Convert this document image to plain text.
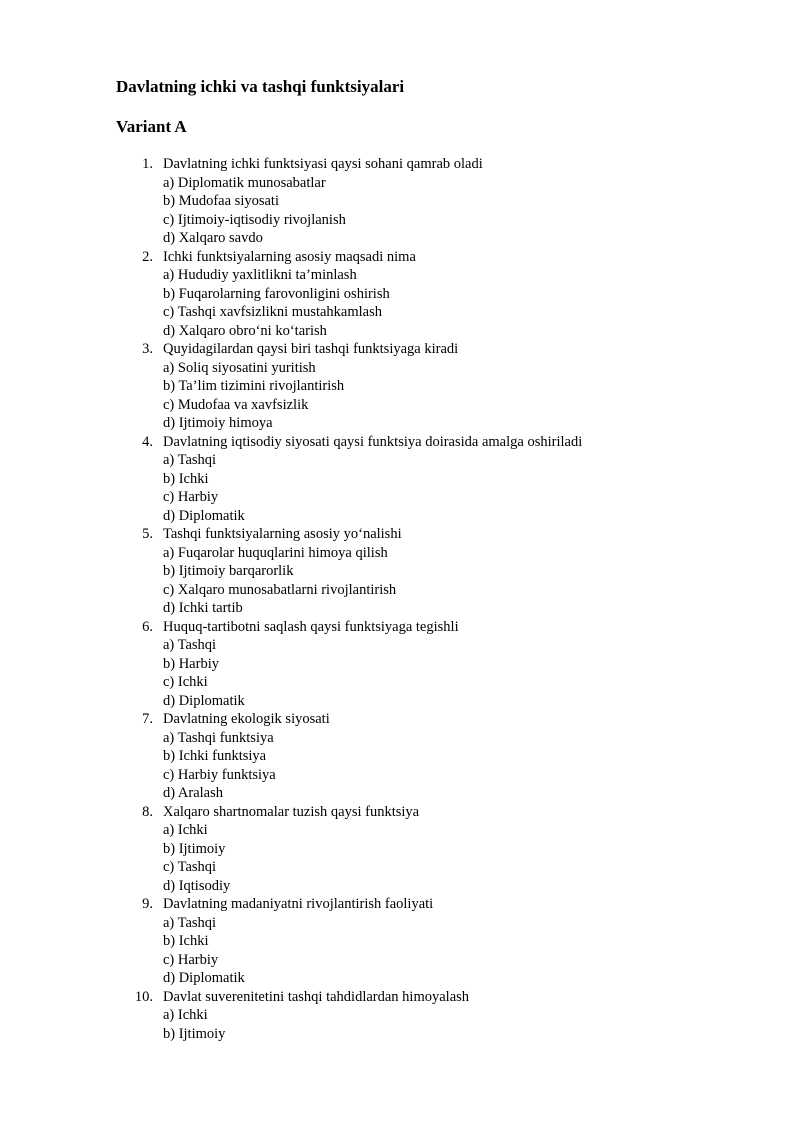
Davlatning ichki va tashqi funktsiyalari
Variant A
1. Davlatning ichki funktsiyasi qaysi sohani qamrab oladi
a) Diplomatik munosabatlar
b) Mudofaa siyosati
c) Ijtimoiy-iqtisodiy rivojlanish
d) Xalqaro savdo
2. Ichki funktsiyalarning asosiy maqsadi nima
a) Hududiy yaxlitlikni ta’minlash
b) Fuqarolarning farovonligini oshirish
c) Tashqi xavfsizlikni mustahkamlash
d) Xalqaro obro‘ni ko‘tarish
3. Quyidagilardan qaysi biri tashqi funktsiyaga kiradi
a) Soliq siyosatini yuritish
b) Ta’lim tizimini rivojlantirish
c) Mudofaa va xavfsizlik
d) Ijtimoiy himoya
4. Davlatning iqtisodiy siyosati qaysi funktsiya doirasida amalga oshiriladi
a) Tashqi
b) Ichki
c) Harbiy
d) Diplomatik
5. Tashqi funktsiyalarning asosiy yo‘nalishi
a) Fuqarolar huquqlarini himoya qilish
b) Ijtimoiy barqarorlik
c) Xalqaro munosabatlarni rivojlantirish
d) Ichki tartib
6. Huquq-tartibotni saqlash qaysi funktsiyaga tegishli
a) Tashqi
b) Harbiy
c) Ichki
d) Diplomatik
7. Davlatning ekologik siyosati
a) Tashqi funktsiya
b) Ichki funktsiya
c) Harbiy funktsiya
d) Aralash
8. Xalqaro shartnomalar tuzish qaysi funktsiya
a) Ichki
b) Ijtimoiy
c) Tashqi
d) Iqtisodiy
9. Davlatning madaniyatni rivojlantirish faoliyati
a) Tashqi
b) Ichki
c) Harbiy
d) Diplomatik
10. Davlat suverenitetini tashqi tahdidlardan himoyalash
a) Ichki
b) Ijtimoiy
